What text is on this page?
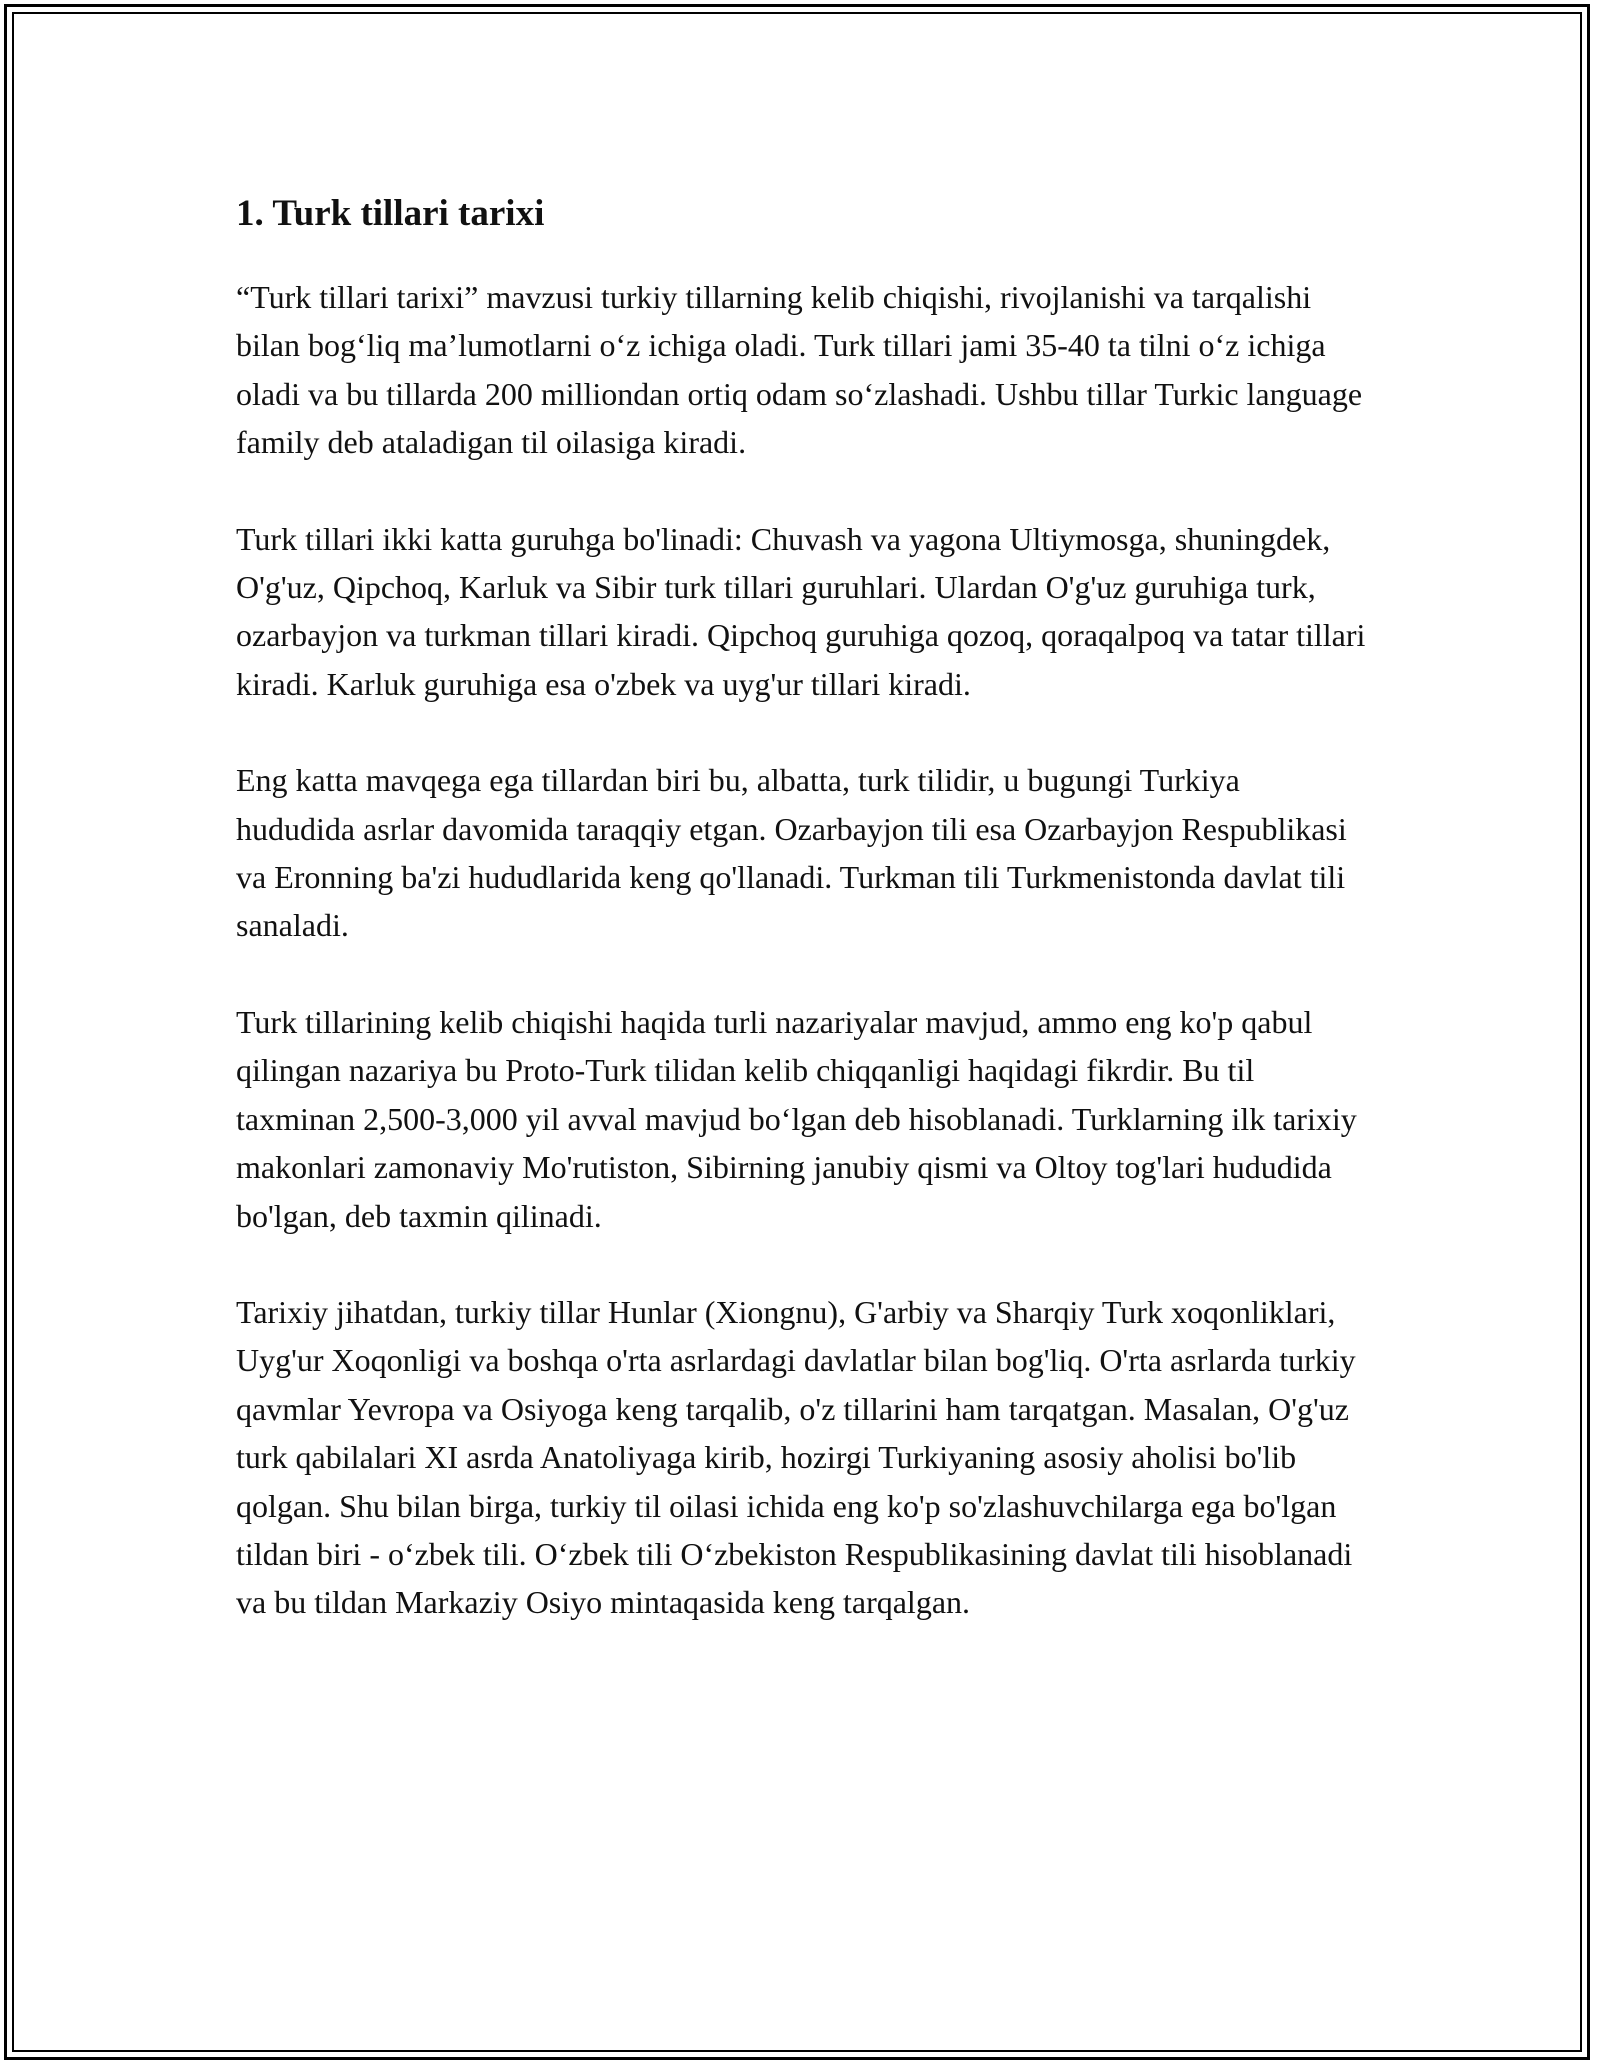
1. Turk tillari tarixi

“Turk tillari tarixi” mavzusi turkiy tillarning kelib chiqishi, rivojlanishi va tarqalishi bilan bog‘liq ma’lumotlarni o‘z ichiga oladi. Turk tillari jami 35-40 ta tilni o‘z ichiga oladi va bu tillarda 200 milliondan ortiq odam so‘zlashadi. Ushbu tillar Turkic language family deb ataladigan til oilasiga kiradi.

Turk tillari ikki katta guruhga bo'linadi: Chuvash va yagona Ultiymosga, shuningdek, O'g'uz, Qipchoq, Karluk va Sibir turk tillari guruhlari. Ulardan O'g'uz guruhiga turk, ozarbayjon va turkman tillari kiradi. Qipchoq guruhiga qozoq, qoraqalpoq va tatar tillari kiradi. Karluk guruhiga esa o'zbek va uyg'ur tillari kiradi.

Eng katta mavqega ega tillardan biri bu, albatta, turk tilidir, u bugungi Turkiya hududida asrlar davomida taraqqiy etgan. Ozarbayjon tili esa Ozarbayjon Respublikasi va Eronning ba'zi hududlarida keng qo'llanadi. Turkman tili Turkmenistonda davlat tili sanaladi.

Turk tillarining kelib chiqishi haqida turli nazariyalar mavjud, ammo eng ko'p qabul qilingan nazariya bu Proto-Turk tilidan kelib chiqqanligi haqidagi fikrdir. Bu til taxminan 2,500-3,000 yil avval mavjud bo‘lgan deb hisoblanadi. Turklarning ilk tarixiy makonlari zamonaviy Mo'rutiston, Sibirning janubiy qismi va Oltoy tog'lari hududida bo'lgan, deb taxmin qilinadi.

Tarixiy jihatdan, turkiy tillar Hunlar (Xiongnu), G'arbiy va Sharqiy Turk xoqonliklari, Uyg'ur Xoqonligi va boshqa o'rta asrlardagi davlatlar bilan bog'liq. O'rta asrlarda turkiy qavmlar Yevropa va Osiyoga keng tarqalib, o'z tillarini ham tarqatgan. Masalan, O'g'uz turk qabilalari XI asrda Anatoliyaga kirib, hozirgi Turkiyaning asosiy aholisi bo'lib qolgan. Shu bilan birga, turkiy til oilasi ichida eng ko'p so'zlashuvchilarga ega bo'lgan tildan biri - o‘zbek tili. O‘zbek tili O‘zbekiston Respublikasining davlat tili hisoblanadi va bu tildan Markaziy Osiyo mintaqasida keng tarqalgan.
